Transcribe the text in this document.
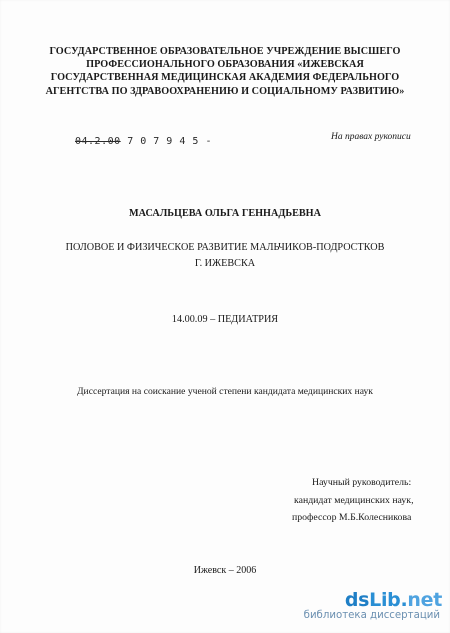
ГОСУДАРСТВЕННОЕ ОБРАЗОВАТЕЛЬНОЕ УЧРЕЖДЕНИЕ ВЫСШЕГО
ПРОФЕССИОНАЛЬНОГО ОБРАЗОВАНИЯ «ИЖЕВСКАЯ
ГОСУДАРСТВЕННАЯ МЕДИЦИНСКАЯ АКАДЕМИЯ ФЕДЕРАЛЬНОГО
АГЕНТСТВА ПО ЗДРАВООХРАНЕНИЮ И СОЦИАЛЬНОМУ РАЗВИТИЮ»
04.2.00 7 0 7 9 4 5 -	На правах рукописи
МАСАЛЬЦЕВА ОЛЬГА ГЕННАДЬЕВНА
ПОЛОВОЕ И ФИЗИЧЕСКОЕ РАЗВИТИЕ МАЛЬЧИКОВ-ПОДРОСТКОВ
Г. ИЖЕВСКА
14.00.09 – ПЕДИАТРИЯ
Диссертация на соискание ученой степени кандидата медицинских наук
Научный руководитель:
кандидат медицинских наук,
профессор М.Б.Колесникова
Ижевск – 2006
dsLib.net
библиотека диссертаций
